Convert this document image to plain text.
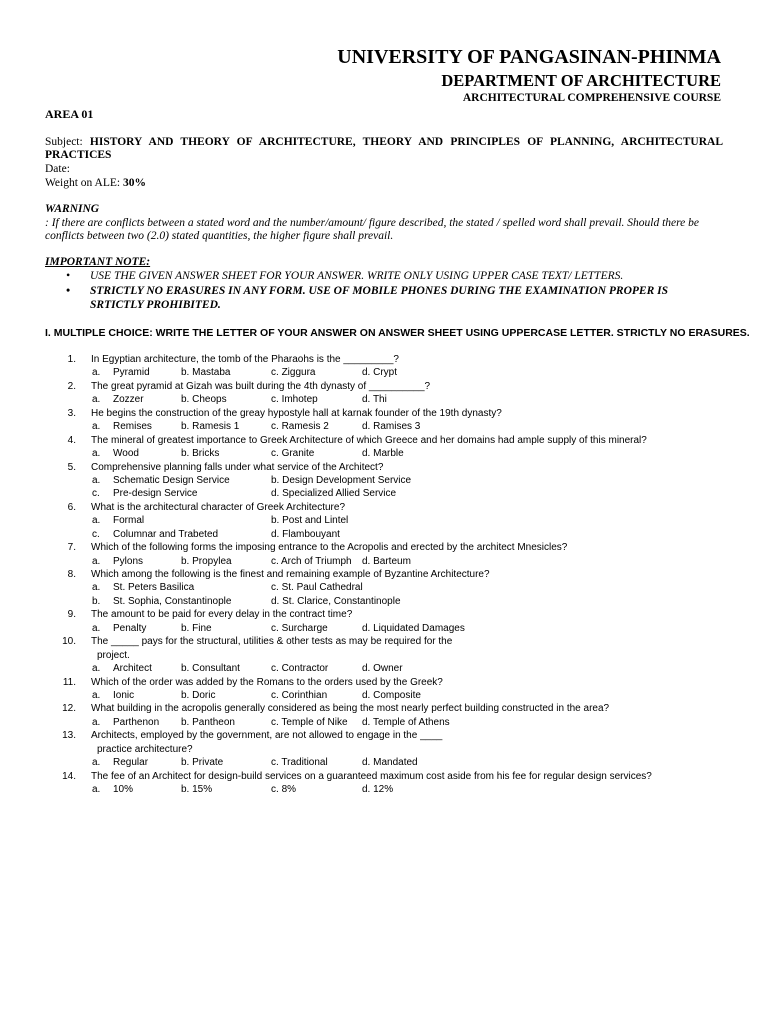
UNIVERSITY OF PANGASINAN-PHINMA
DEPARTMENT OF ARCHITECTURE
ARCHITECTURAL COMPREHENSIVE COURSE
AREA 01
Subject: HISTORY AND THEORY OF ARCHITECTURE, THEORY AND PRINCIPLES OF PLANNING, ARCHITECTURAL PRACTICES
Date:
Weight on ALE: 30%
WARNING
: If there are conflicts between a stated word and the number/amount/ figure described, the stated / spelled word shall prevail. Should there be conflicts between two (2.0) stated quantities, the higher figure shall prevail.
IMPORTANT NOTE:
• USE THE GIVEN ANSWER SHEET FOR YOUR ANSWER. WRITE ONLY USING UPPER CASE TEXT/ LETTERS.
• STRICTLY NO ERASURES IN ANY FORM. USE OF MOBILE PHONES DURING THE EXAMINATION PROPER IS SRTICTLY PROHIBITED.
I. MULTIPLE CHOICE: WRITE THE LETTER OF YOUR ANSWER ON ANSWER SHEET USING UPPERCASE LETTER. STRICTLY NO ERASURES.
1. In Egyptian architecture, the tomb of the Pharaohs is the _________?
a. Pyramid	b. Mastaba	c. Ziggura	d. Crypt
2. The great pyramid at Gizah was built during the 4th dynasty of __________?
a. Zozzer	b. Cheops	c. Imhotep	d. Thi
3. He begins the construction of the greay hypostyle hall at karnak founder of the 19th dynasty?
a. Remises	b. Ramesis 1	c. Ramesis 2	d. Ramises 3
4. The mineral of greatest importance to Greek Architecture of which Greece and her domains had ample supply of this mineral?
a. Wood	b. Bricks	c. Granite	d. Marble
5. Comprehensive planning falls under what service of the Architect?
a. Schematic Design Service	b. Design Development Service
c. Pre-design Service	d. Specialized Allied Service
6. What is the architectural character of Greek Architecture?
a. Formal	b. Post and Lintel
c. Columnar and Trabeted	d. Flambouyant
7. Which of the following forms the imposing entrance to the Acropolis and erected by the architect Mnesicles?
a. Pylons	b. Propylea	c. Arch of Triumph d. Barteum
8. Which among the following is the finest and remaining example of Byzantine Architecture?
a. St. Peters Basilica	c. St. Paul Cathedral
b. St. Sophia, Constantinople	d. St. Clarice, Constantinople
9. The amount to be paid for every delay in the contract time?
a. Penalty	b. Fine	c. Surcharge	d. Liquidated Damages
10. The _____ pays for the structural, utilities & other tests as may be required for the
project.
a. Architect	b. Consultant	c. Contractor	d. Owner
11. Which of the order was added by the Romans to the orders used by the Greek?
a. Ionic	b. Doric	c. Corinthian	d. Composite
12. What building in the acropolis generally considered as being the most nearly perfect building constructed in the area?
a. Parthenon b. Pantheon	c. Temple of Nike d. Temple of Athens
13. Architects, employed by the government, are not allowed to engage in the ____
practice architecture?
a. Regular	b. Private	c. Traditional	d. Mandated
14. The fee of an Architect for design-build services on a guaranteed maximum cost aside from his fee for regular design services?
a. 10%	b. 15%	c. 8%	d. 12%
